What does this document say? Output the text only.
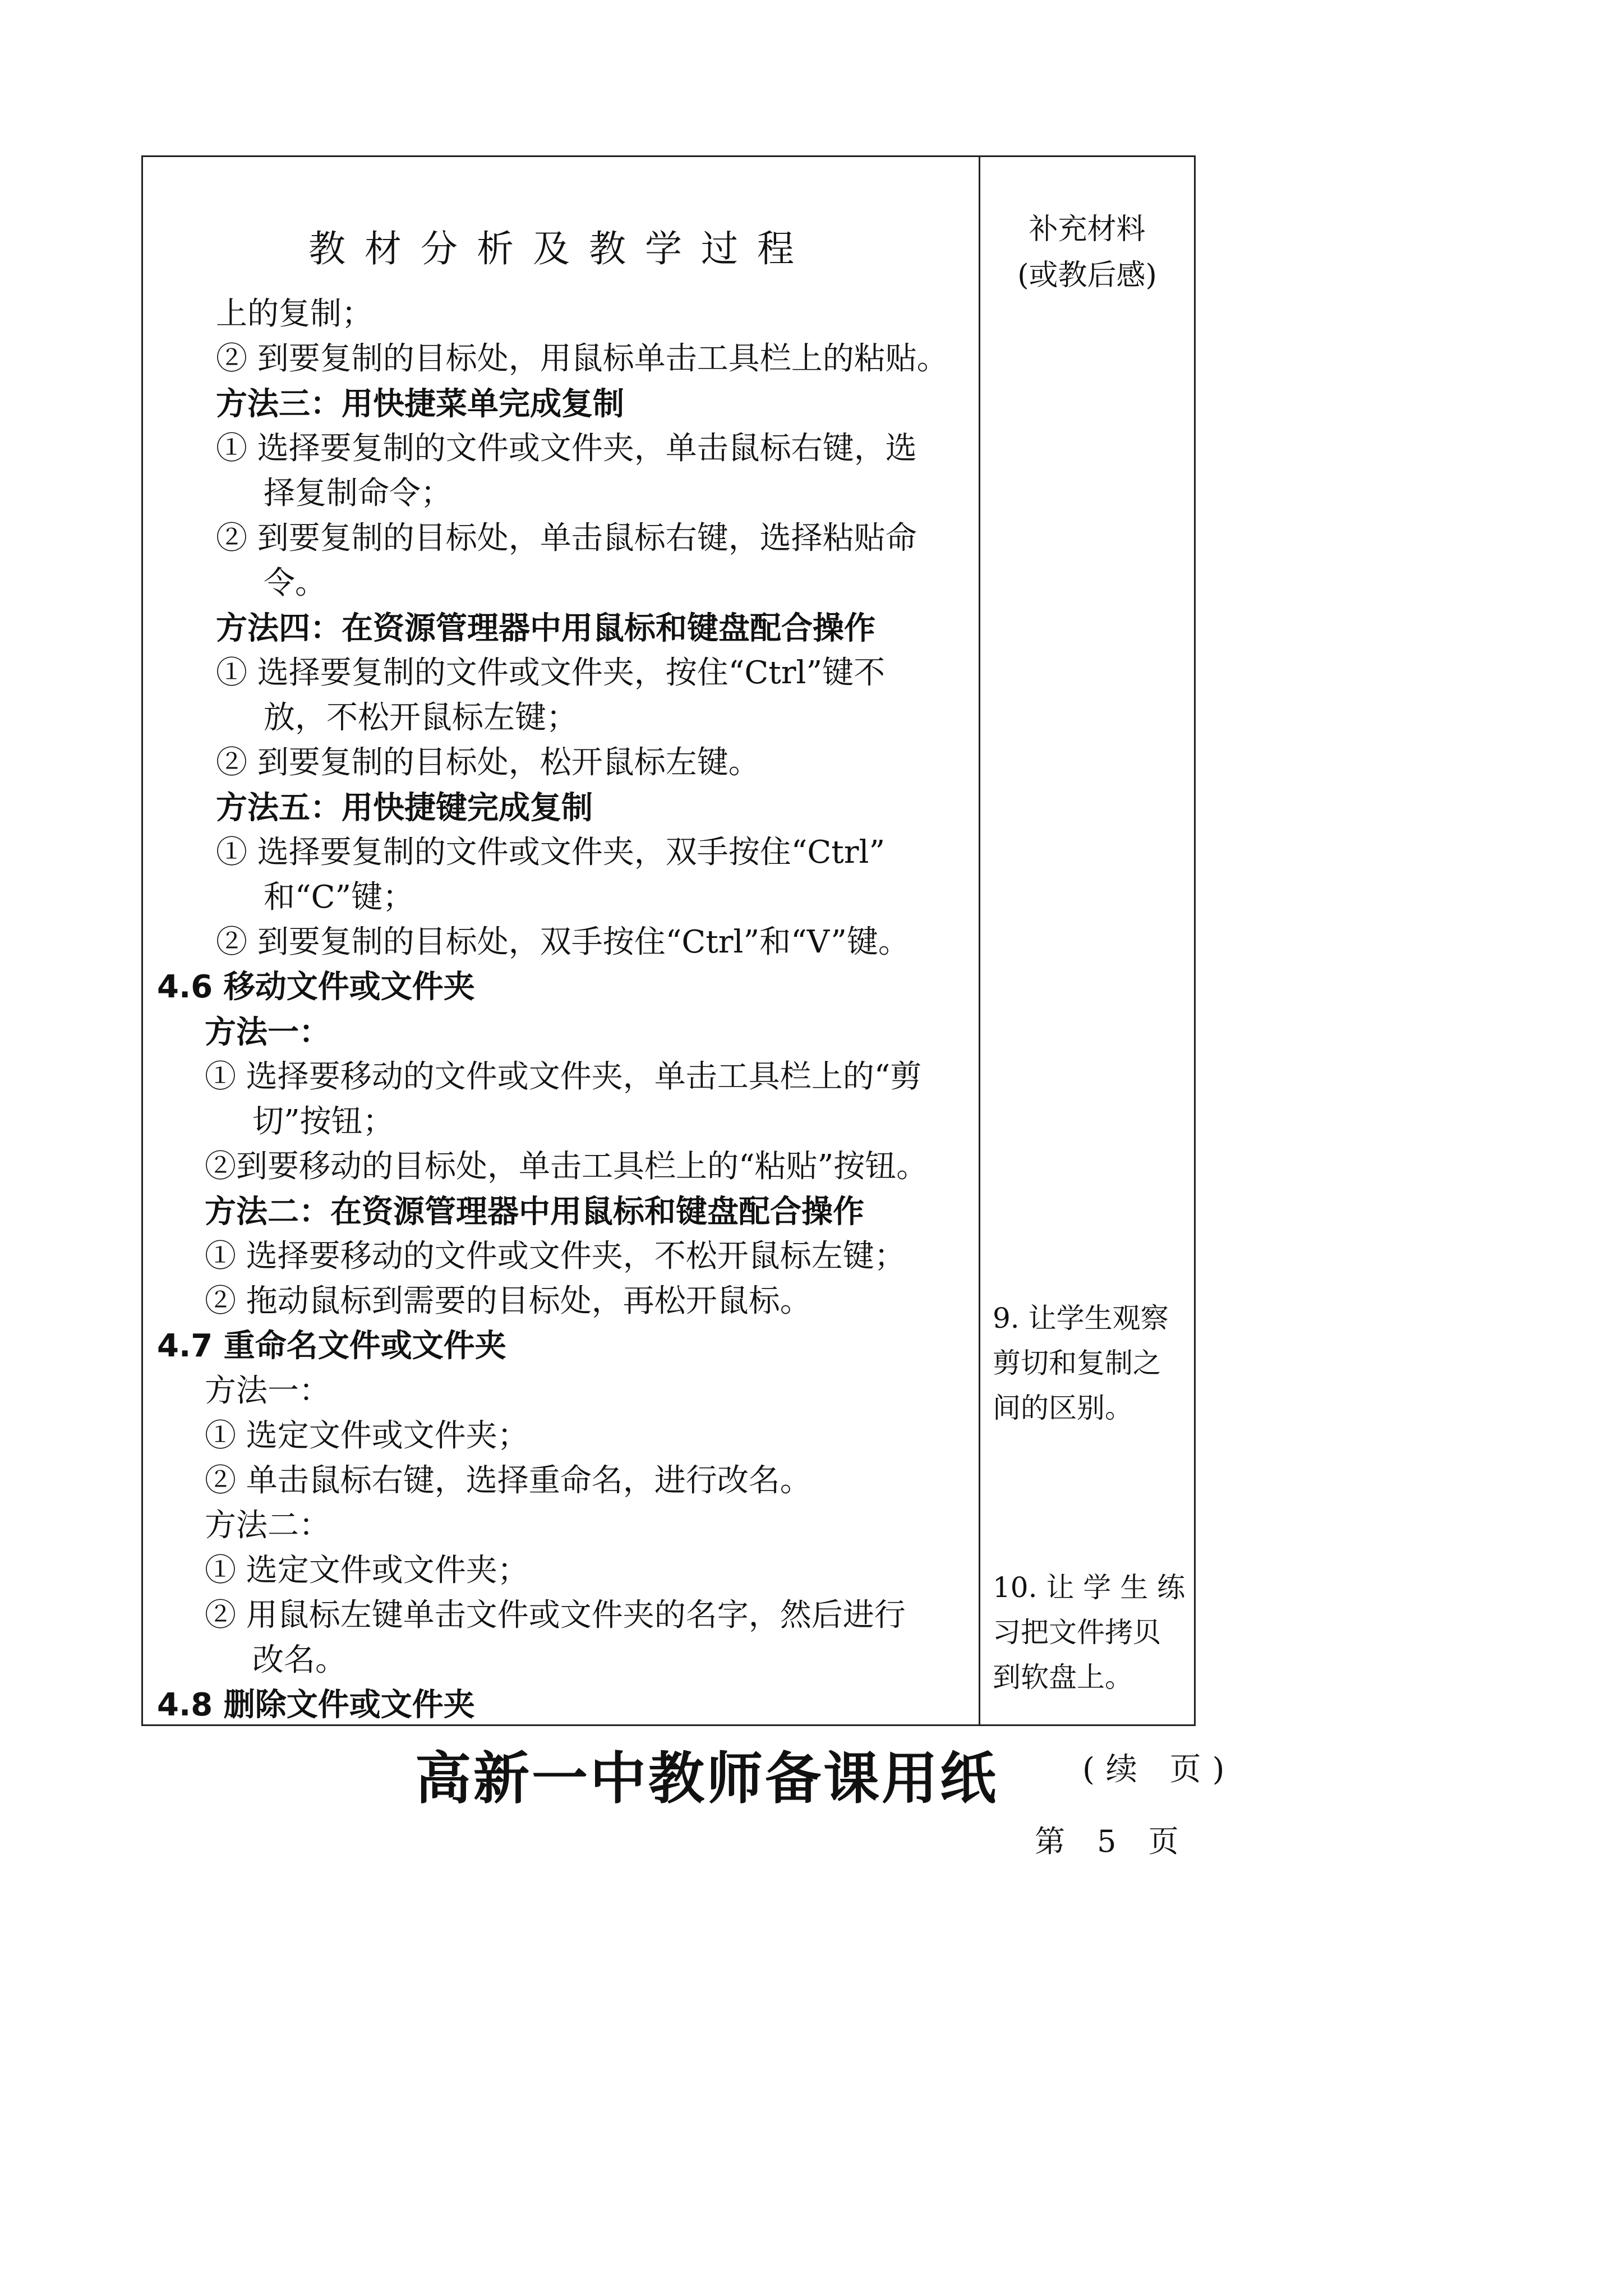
教材分析及教学过程
上的复制；
② 到要复制的目标处，用鼠标单击工具栏上的粘贴。
方法三：用快捷菜单完成复制
① 选择要复制的文件或文件夹，单击鼠标右键，选
择复制命令；
② 到要复制的目标处，单击鼠标右键，选择粘贴命
令。
方法四：在资源管理器中用鼠标和键盘配合操作
① 选择要复制的文件或文件夹，按住“Ctrl”键不
放，不松开鼠标左键；
② 到要复制的目标处，松开鼠标左键。
方法五：用快捷键完成复制
① 选择要复制的文件或文件夹，双手按住“Ctrl”
和“C”键；
② 到要复制的目标处，双手按住“Ctrl”和“V”键。
4.6 移动文件或文件夹
方法一：
① 选择要移动的文件或文件夹，单击工具栏上的“剪
切”按钮；
②到要移动的目标处，单击工具栏上的“粘贴”按钮。
方法二：在资源管理器中用鼠标和键盘配合操作
① 选择要移动的文件或文件夹，不松开鼠标左键；
② 拖动鼠标到需要的目标处，再松开鼠标。
4.7 重命名文件或文件夹
方法一：
① 选定文件或文件夹；
② 单击鼠标右键，选择重命名，进行改名。
方法二：
① 选定文件或文件夹；
② 用鼠标左键单击文件或文件夹的名字，然后进行
改名。
4.8 删除文件或文件夹
补充材料
(或教后感)
9. 让学生观察
剪切和复制之
间的区别。
10. 让 学 生 练
习把文件拷贝
到软盘上。
高新一中教师备课用纸	(续 页)
第 5 页
